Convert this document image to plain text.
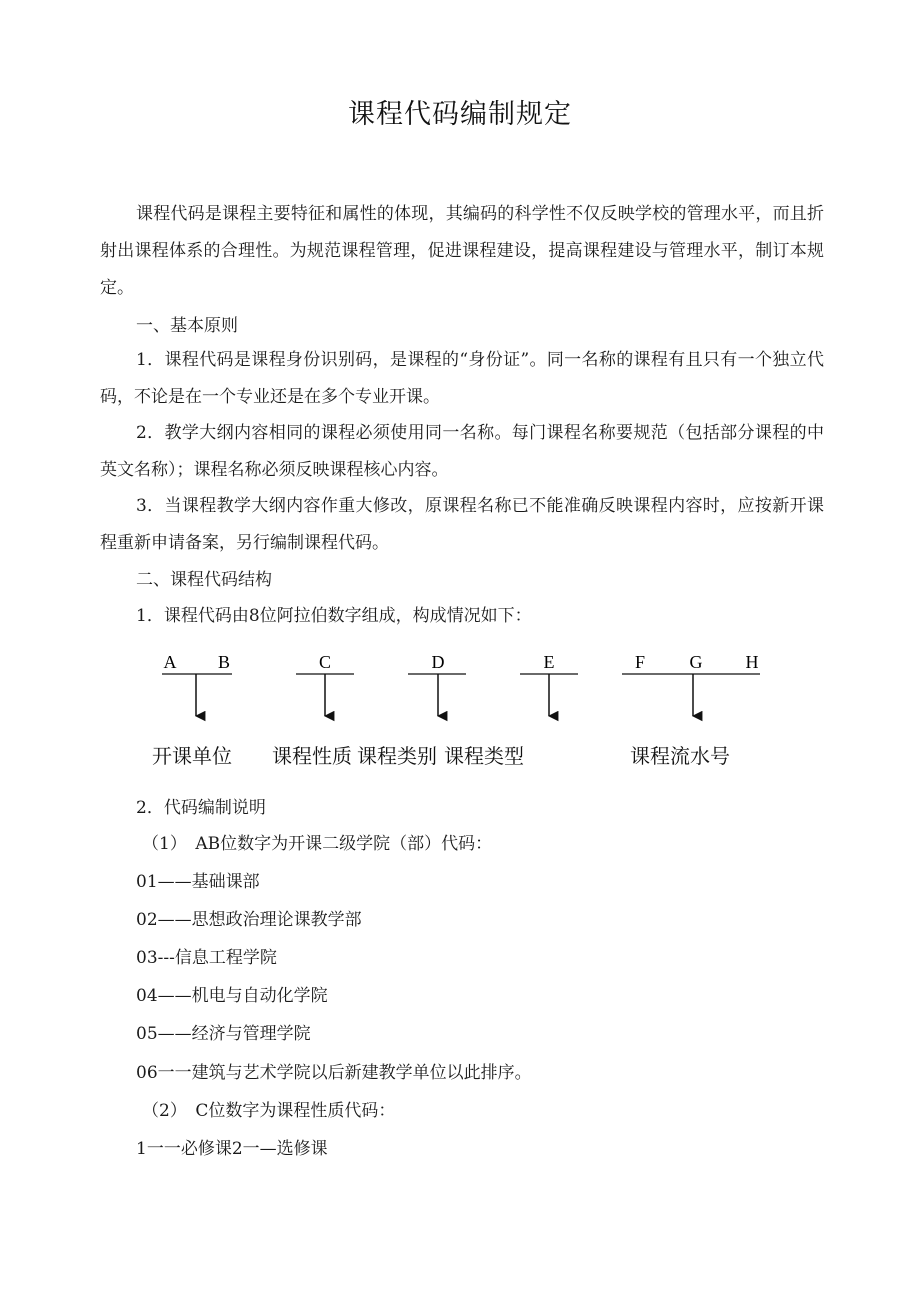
课程代码编制规定

课程代码是课程主要特征和属性的体现，其编码的科学性不仅反映学校的管理水平，而且折射出课程体系的合理性。为规范课程管理，促进课程建设，提高课程建设与管理水平，制订本规定。

一、基本原则

1．课程代码是课程身份识别码，是课程的“身份证”。同一名称的课程有且只有一个独立代码，不论是在一个专业还是在多个专业开课。

2．教学大纲内容相同的课程必须使用同一名称。每门课程名称要规范（包括部分课程的中英文名称）；课程名称必须反映课程核心内容。

3．当课程教学大纲内容作重大修改，原课程名称已不能准确反映课程内容时，应按新开课程重新申请备案，另行编制课程代码。

二、课程代码结构

1．课程代码由8位阿拉伯数字组成，构成情况如下：

A B	C	D	E	F G H
开课单位 课程性质 课程类别 课程类型	课程流水号

2．代码编制说明

（1）　AB位数字为开课二级学院（部）代码：

01——基础课部

02——思想政治理论课教学部

03---信息工程学院

04——机电与自动化学院

05——经济与管理学院

06一一建筑与艺术学院以后新建教学单位以此排序。

（2）　C位数字为课程性质代码：

1一一必修课2一—选修课
